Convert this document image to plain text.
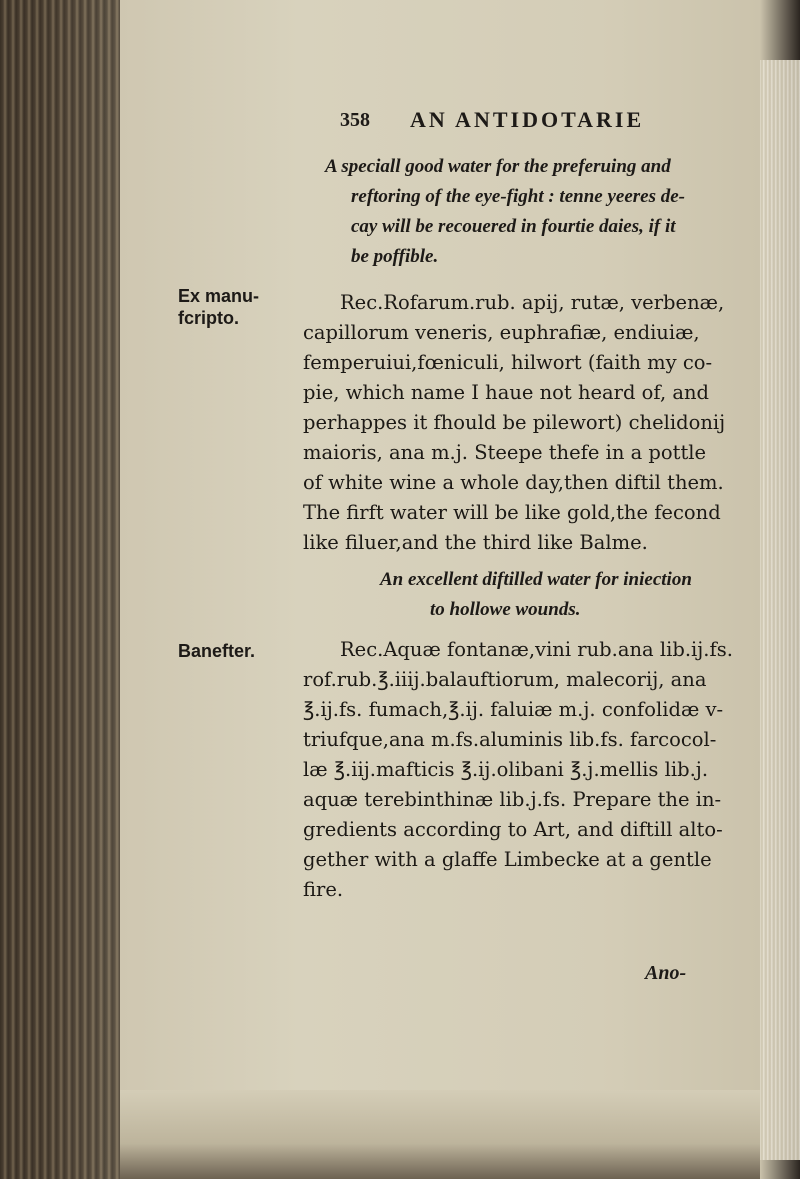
358 AN ANTIDOTARIE
A speciall good water for the preferuing and
reftoring of the eye-fight : tenne yeeres de-
cay will be recouered in fourtie daies, if it
be poffible.
Ex manu-
fcripto.
Rec.Rofarum.rub. apij, rutæ, verbenæ,
capillorum veneris, euphrafiæ, endiuiæ,
femperuiui,fœniculi, hilwort (faith my co-
pie, which name I haue not heard of, and
perhappes it fhould be pilewort) chelidonij
maioris, ana m.j. Steepe thefe in a pottle
of white wine a whole day,then diftil them.
The firft water will be like gold,the fecond
like filuer,and the third like Balme.
An excellent diftilled water for iniection
to hollowe wounds.
Banefter.	Rec.Aquæ fontanæ,vini rub.ana lib.ij.fs.
rof.rub.℥.iiij.balauftiorum, malecorij, ana
℥.ij.fs. fumach,℥.ij. faluiæ m.j. confolidæ v-
triufque,ana m.fs.aluminis lib.fs. farcocol-
læ ℥.iij.mafticis ℥.ij.olibani ℥.j.mellis lib.j.
aquæ terebinthinæ lib.j.fs. Prepare the in-
gredients according to Art, and diftill alto-
gether with a glaffe Limbecke at a gentle
fire.
Ano-
